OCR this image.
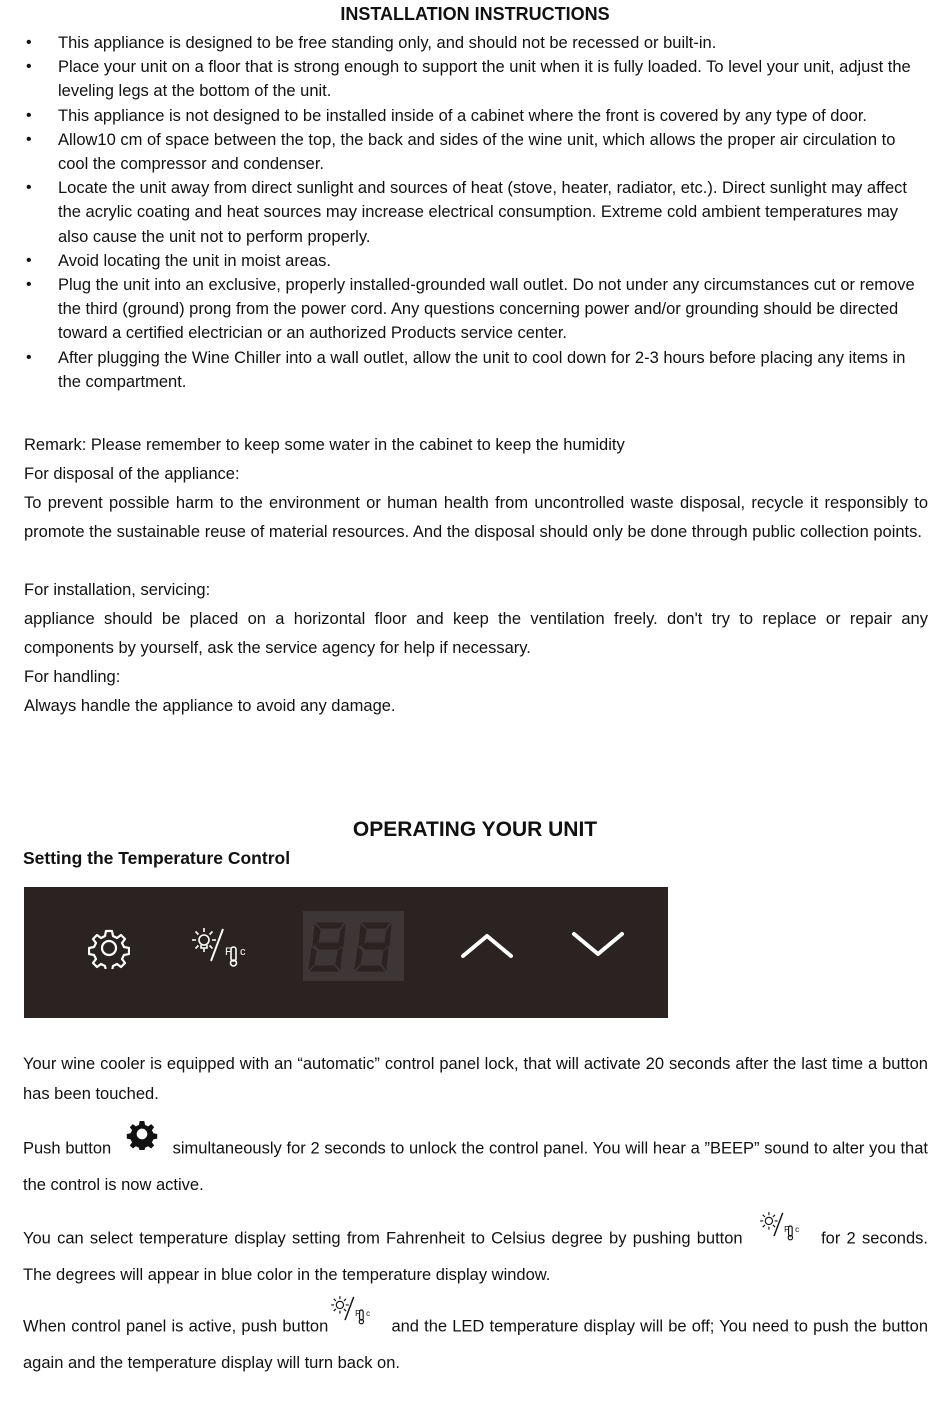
INSTALLATION INSTRUCTIONS
• This appliance is designed to be free standing only, and should not be recessed or built-in.
• Place your unit on a floor that is strong enough to support the unit when it is fully loaded. To level your unit, adjust the leveling legs at the bottom of the unit.
• This appliance is not designed to be installed inside of a cabinet where the front is covered by any type of door.
• Allow10 cm of space between the top, the back and sides of the wine unit, which allows the proper air circulation to cool the compressor and condenser.
• Locate the unit away from direct sunlight and sources of heat (stove, heater, radiator, etc.). Direct sunlight may affect the acrylic coating and heat sources may increase electrical consumption. Extreme cold ambient temperatures may also cause the unit not to perform properly.
• Avoid locating the unit in moist areas.
• Plug the unit into an exclusive, properly installed-grounded wall outlet. Do not under any circumstances cut or remove the third (ground) prong from the power cord. Any questions concerning power and/or grounding should be directed toward a certified electrician or an authorized Products service center.
• After plugging the Wine Chiller into a wall outlet, allow the unit to cool down for 2-3 hours before placing any items in the compartment.

Remark: Please remember to keep some water in the cabinet to keep the humidity

For disposal of the appliance:

To prevent possible harm to the environment or human health from uncontrolled waste disposal, recycle it responsibly to promote the sustainable reuse of material resources. And the disposal should only be done through public collection points.

For installation, servicing:

appliance should be placed on a horizontal floor and keep the ventilation freely. don't try to replace or repair any components by yourself, ask the service agency for help if necessary.

For handling:

Always handle the appliance to avoid any damage.

OPERATING YOUR UNIT
Setting the Temperature Control
F c

Your wine cooler is equipped with an “automatic” control panel lock, that will activate 20 seconds after the last time a button has been touched.

Push button	simultaneously for 2 seconds to unlock the control panel. You will hear a ”BEEP” sound to alter you that the control is now active.

You can select temperature display setting from Fahrenheit to Celsius degree by pushing button
F c
for 2 seconds. The degrees will appear in blue color in the temperature display window.

When control panel is active, push button
F c
and the LED temperature display will be off; You need to push the button again and the temperature display will turn back on.
